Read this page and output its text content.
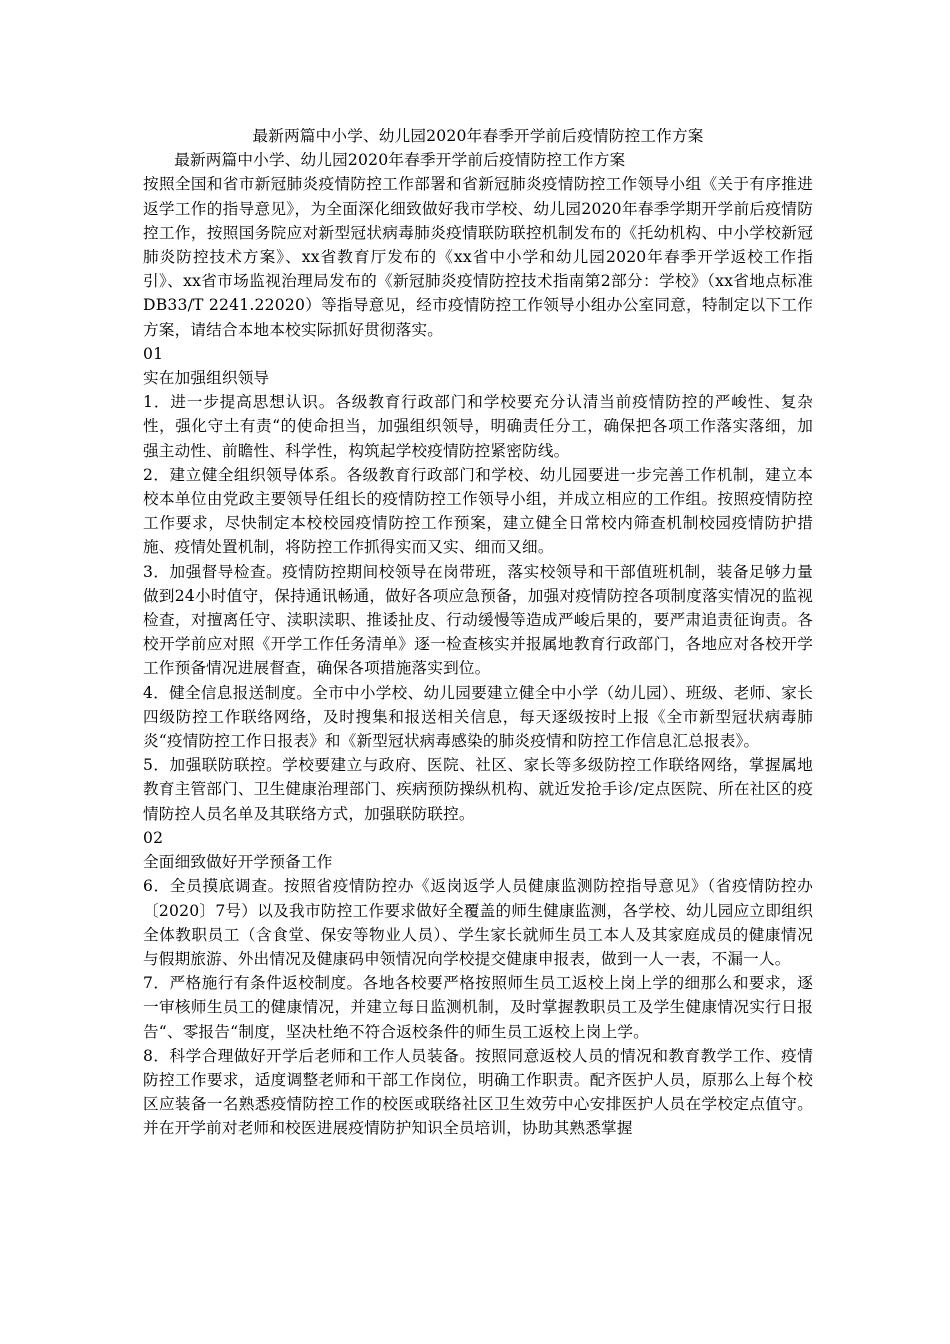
最新两篇中小学、幼儿园2020年春季开学前后疫情防控工作方案

最新两篇中小学、幼儿园2020年春季开学前后疫情防控工作方案

按照全国和省市新冠肺炎疫情防控工作部署和省新冠肺炎疫情防控工作领导小组《关于有序推进返学工作的指导意见》，为全面深化细致做好我市学校、幼儿园2020年春季学期开学前后疫情防控工作，按照国务院应对新型冠状病毒肺炎疫情联防联控机制发布的《托幼机构、中小学校新冠肺炎防控技术方案》、xx省教育厅发布的《xx省中小学和幼儿园2020年春季开学返校工作指引》、xx省市场监视治理局发布的《新冠肺炎疫情防控技术指南第2部分：学校》（xx省地点标准DB33/T 2241.22020）等指导意见，经市疫情防控工作领导小组办公室同意，特制定以下工作方案，请结合本地本校实际抓好贯彻落实。

01

实在加强组织领导

1．进一步提高思想认识。各级教育行政部门和学校要充分认清当前疫情防控的严峻性、复杂性，强化守土有责“的使命担当，加强组织领导，明确责任分工，确保把各项工作落实落细，加强主动性、前瞻性、科学性，构筑起学校疫情防控紧密防线。

2．建立健全组织领导体系。各级教育行政部门和学校、幼儿园要进一步完善工作机制，建立本校本单位由党政主要领导任组长的疫情防控工作领导小组，并成立相应的工作组。按照疫情防控工作要求，尽快制定本校校园疫情防控工作预案，建立健全日常校内筛查机制校园疫情防护措施、疫情处置机制，将防控工作抓得实而又实、细而又细。

3．加强督导检查。疫情防控期间校领导在岗带班，落实校领导和干部值班机制，装备足够力量做到24小时值守，保持通讯畅通，做好各项应急预备，加强对疫情防控各项制度落实情况的监视检查，对擅离任守、渎职渎职、推诿扯皮、行动缓慢等造成严峻后果的，要严肃追责征询责。各校开学前应对照《开学工作任务清单》逐一检查核实并报属地教育行政部门，各地应对各校开学工作预备情况进展督查，确保各项措施落实到位。

4．健全信息报送制度。全市中小学校、幼儿园要建立健全中小学（幼儿园）、班级、老师、家长四级防控工作联络网络，及时搜集和报送相关信息，每天逐级按时上报《全市新型冠状病毒肺炎“疫情防控工作日报表》和《新型冠状病毒感染的肺炎疫情和防控工作信息汇总报表》。

5．加强联防联控。学校要建立与政府、医院、社区、家长等多级防控工作联络网络，掌握属地教育主管部门、卫生健康治理部门、疾病预防操纵机构、就近发抢手诊/定点医院、所在社区的疫情防控人员名单及其联络方式，加强联防联控。

02

全面细致做好开学预备工作

6．全员摸底调查。按照省疫情防控办《返岗返学人员健康监测防控指导意见》（省疫情防控办〔2020〕7号）以及我市防控工作要求做好全覆盖的师生健康监测，各学校、幼儿园应立即组织全体教职员工（含食堂、保安等物业人员）、学生家长就师生员工本人及其家庭成员的健康情况与假期旅游、外出情况及健康码申领情况向学校提交健康申报表，做到一人一表，不漏一人。

7．严格施行有条件返校制度。各地各校要严格按照师生员工返校上岗上学的细那么和要求，逐一审核师生员工的健康情况，并建立每日监测机制，及时掌握教职员工及学生健康情况实行日报告“、零报告“制度，坚决杜绝不符合返校条件的师生员工返校上岗上学。

8．科学合理做好开学后老师和工作人员装备。按照同意返校人员的情况和教育教学工作、疫情防控工作要求，适度调整老师和干部工作岗位，明确工作职责。配齐医护人员，原那么上每个校区应装备一名熟悉疫情防控工作的校医或联络社区卫生效劳中心安排医护人员在学校定点值守。并在开学前对老师和校医进展疫情防护知识全员培训，协助其熟悉掌握
